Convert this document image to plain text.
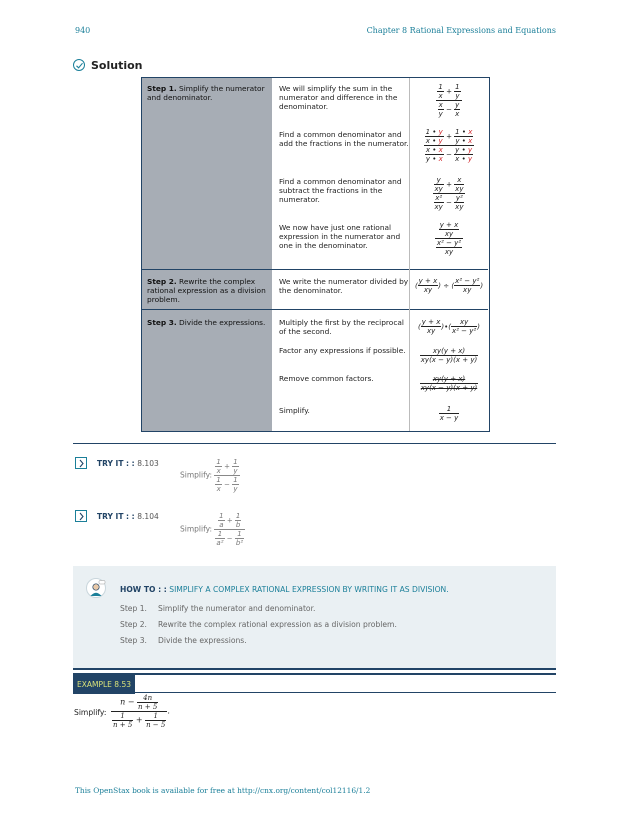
940	Chapter 8 Rational Expressions and Equations
Solution
Step 1. Simplify the numerator and denominator.
Step 2. Rewrite the complex rational expression as a division problem.
Step 3. Divide the expressions.
We will simplify the sum in the numerator and difference in the denominator.
Find a common denominator and add the fractions in the numerator.
Find a common denominator and subtract the fractions in the numerator.
We now have just one rational expression in the numerator and one in the denominator.
We write the numerator divided by the denominator.
Multiply the first by the reciprocal of the second.
Factor any expressions if possible.
Remove common factors.
Simplify.
$\frac{\frac{1}{x} + \frac{1}{y}}{\frac{x}{y} - \frac{y}{x}}$
$\frac{\frac{1 • y}{x • y} + \frac{1 • x}{y • x}}{\frac{x • x}{y • x} - \frac{y • y}{x • y}}$
$\frac{\frac{y}{xy} + \frac{x}{xy}}{\frac{\text{x²}}{xy} - \frac{\text{y²}}{xy}}$
$\frac{\frac{y + x}{xy}}{\frac{\text{x² − y²}}{xy}}$
( $\frac{y + x}{xy}$ ) ÷ ( $\frac{\text{x² − y²}}{xy}$ )
( $\frac{y + x}{xy}$ )•( $\frac{xy}{\text{x² − y²}}$ )
$\frac{xy(y + x)}{xy(x - y)(x + y)}$
$\frac{xy(y + x)}{xy(x - y)(x + y)}$
$\frac{1}{x - y}$
TRY IT : : 8.103
Simplify: $\frac{\frac{1}{x} + \frac{1}{y}}{\frac{1}{x} - \frac{1}{y}}$
TRY IT : : 8.104
Simplify: $\frac{\frac{1}{a} + \frac{1}{b}}{\frac{1}{\text{a²}} - \frac{1}{\text{b²}}}$
HOW TO : : SIMPLIFY A COMPLEX RATIONAL EXPRESSION BY WRITING IT AS DIVISION.
Step 1. Simplify the numerator and denominator.
Step 2. Rewrite the complex rational expression as a division problem.
Step 3. Divide the expressions.
EXAMPLE 8.53
Simplify: $\frac{n - \frac{4n}{n + 5}}{\frac{1}{n + 5} + \frac{1}{n - 5}}$ .
This OpenStax book is available for free at http://cnx.org/content/col12116/1.2
